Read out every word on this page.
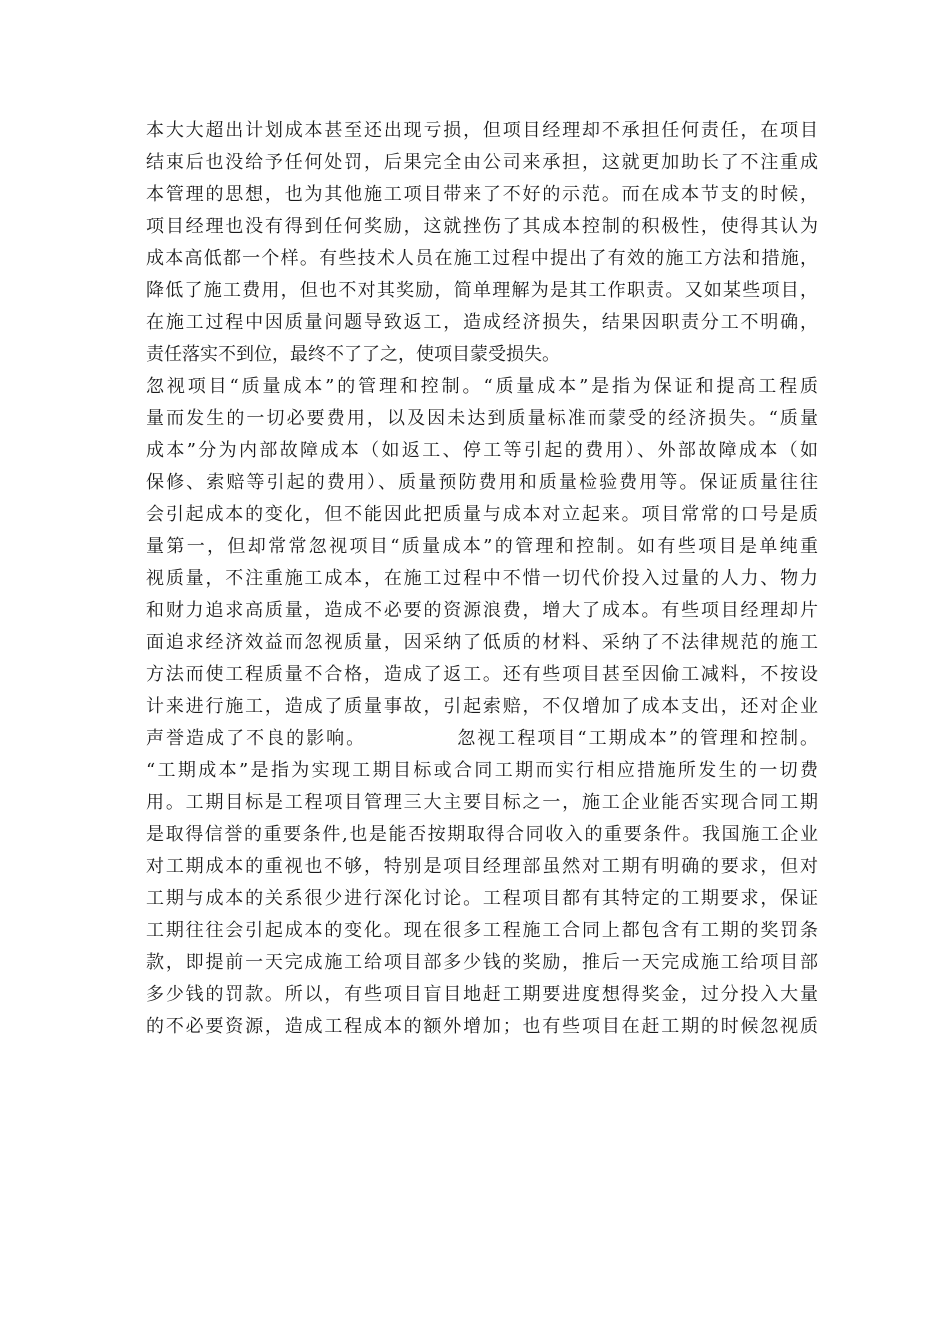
本大大超出计划成本甚至还出现亏损，但项目经理却不承担任何责任，在项目
结束后也没给予任何处罚，后果完全由公司来承担，这就更加助长了不注重成
本管理的思想，也为其他施工项目带来了不好的示范。而在成本节支的时候，
项目经理也没有得到任何奖励，这就挫伤了其成本控制的积极性，使得其认为
成本高低都一个样。有些技术人员在施工过程中提出了有效的施工方法和措施，
降低了施工费用，但也不对其奖励，简单理解为是其工作职责。又如某些项目，
在施工过程中因质量问题导致返工，造成经济损失，结果因职责分工不明确，
责任落实不到位，最终不了了之，使项目蒙受损失。
忽视项目“质量成本”的管理和控制。“质量成本”是指为保证和提高工程质
量而发生的一切必要费用，以及因未达到质量标准而蒙受的经济损失。“质量
成本”分为内部故障成本（如返工、停工等引起的费用）、外部故障成本（如
保修、索赔等引起的费用）、质量预防费用和质量检验费用等。保证质量往往
会引起成本的变化，但不能因此把质量与成本对立起来。项目常常的口号是质
量第一，但却常常忽视项目“质量成本”的管理和控制。如有些项目是单纯重
视质量，不注重施工成本，在施工过程中不惜一切代价投入过量的人力、物力
和财力追求高质量，造成不必要的资源浪费，增大了成本。有些项目经理却片
面追求经济效益而忽视质量，因采纳了低质的材料、采纳了不法律规范的施工
方法而使工程质量不合格，造成了返工。还有些项目甚至因偷工减料，不按设
计来进行施工，造成了质量事故，引起索赔，不仅增加了成本支出，还对企业
声誉造成了不良的影响。　　　　　忽视工程项目“工期成本”的管理和控制。
“工期成本”是指为实现工期目标或合同工期而实行相应措施所发生的一切费
用。工期目标是工程项目管理三大主要目标之一，施工企业能否实现合同工期
是取得信誉的重要条件,也是能否按期取得合同收入的重要条件。我国施工企业
对工期成本的重视也不够，特别是项目经理部虽然对工期有明确的要求，但对
工期与成本的关系很少进行深化讨论。工程项目都有其特定的工期要求，保证
工期往往会引起成本的变化。现在很多工程施工合同上都包含有工期的奖罚条
款，即提前一天完成施工给项目部多少钱的奖励，推后一天完成施工给项目部
多少钱的罚款。所以，有些项目盲目地赶工期要进度想得奖金，过分投入大量
的不必要资源，造成工程成本的额外增加；也有些项目在赶工期的时候忽视质
